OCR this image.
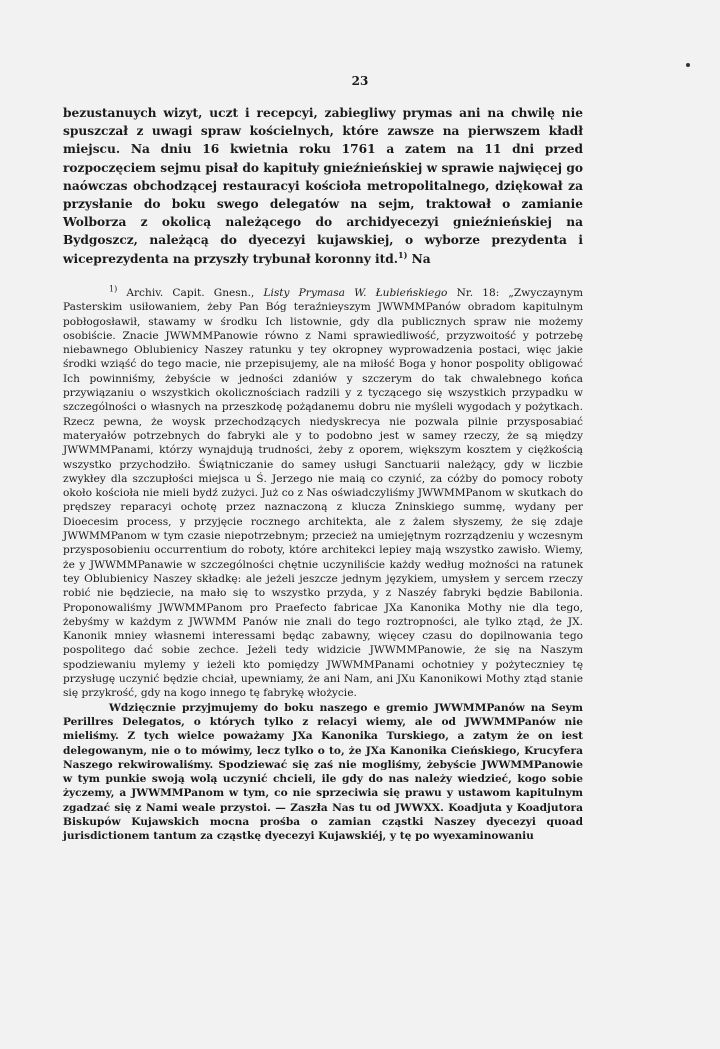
23

bezustanuych wizyt, uczt i recepcyi, zabiegliwy prymas ani na chwilę nie spuszczał z uwagi spraw kościelnych, które zawsze na pierwszem kładł miejscu. Na dniu 16 kwietnia roku 1761 a zatem na 11 dni przed rozpoczęciem sejmu pisał do kapituły gnieźnieńskiej w sprawie najwięcej go naówczas obchodzącej restauracyi kościoła metropolitalnego, dziękował za przysłanie do boku swego delegatów na sejm, traktował o zamianie Wolborza z okolicą należącego do archidyecezyi gnieźnieńskiej na Bydgoszcz, należącą do dyecezyi kujawskiej, o wyborze prezydenta i wiceprezydenta na przyszły trybunał koronny itd.$^{1)}$ Na

$^{1)}$ Archiv. Capit. Gnesn., Listy Prymasa W. Łubieńskiego Nr. 18: „Zwyczaynym Pasterskim usiłowaniem, żeby Pan Bóg teraźnieyszym JWWMMPanów obradom kapitulnym pobłogosławił, stawamy w środku Ich listownie, gdy dla publicznych spraw nie możemy osobiście. Znacie JWWMMPanowie równo z Nami sprawiedliwość, przyzwoitość y potrzebę niebawnego Oblubienicy Naszey ratunku y tey okropney wyprowadzenia postaci, więc jakie środki wziąść do tego macie, nie przepisujemy, ale na miłość Boga y honor pospolity obligować Ich powinniśmy, żebyście w jedności zdaniów y szczerym do tak chwalebnego końca przywiązaniu o wszystkich okolicznościach radzili y z tyczącego się wszystkich przypadku w szczególności o własnych na przeszkodę pożądanemu dobru nie myśleli wygodach y pożytkach. Rzecz pewna, że woysk przechodzących niedyskrecya nie pozwala pilnie przysposabiać materyałów potrzebnych do fabryki ale y to podobno jest w samey rzeczy, że są między JWWMMPanami, którzy wynajdują trudności, żeby z oporem, większym kosztem y ciężkością wszystko przychodziło. Świątniczanie do samey usługi Sanctuarii należący, gdy w liczbie zwykłey dla szczupłości miejsca u Ś. Jerzego nie maią co czynić, za cóżby do pomocy roboty około kościoła nie mieli bydź zużyci. Już co z Nas oświadczyliśmy JWWMMPanom w skutkach do prędszey reparacyi ochotę przez naznaczoną z klucza Zninskiego summę, wydany per Dioecesim process, y przyjęcie rocznego architekta, ale z żalem słyszemy, że się zdaje JWWMMPanom w tym czasie niepotrzebnym; przecież na umiejętnym rozrządzeniu y wczesnym przysposobieniu occurrentium do roboty, które architekci lepiey mają wszystko zawisło. Wiemy, że y JWWMMPanawie w szczególności chętnie uczyniliście każdy według możności na ratunek tey Oblubienicy Naszey składkę: ale jeżeli jeszcze jednym językiem, umysłem y sercem rzeczy robić nie będziecie, na mało się to wszystko przyda, y z Naszéy fabryki będzie Babilonia. Proponowaliśmy JWWMMPanom pro Praefecto fabricae JXa Kanonika Mothy nie dla tego, żebyśmy w każdym z JWWMM Panów nie znali do tego roztropności, ale tylko ztąd, że JX. Kanonik mniey własnemi interessami będąc zabawny, więcey czasu do dopilnowania tego pospolitego dać sobie zechce. Jeżeli tedy widzicie JWWMMPanowie, że się na Naszym spodziewaniu mylemy y ieżeli kto pomiędzy JWWMMPanami ochotniey y pożyteczniey tę przysługę uczynić będzie chciał, upewniamy, że ani Nam, ani JXu Kanonikowi Mothy ztąd stanie się przykrość, gdy na kogo innego tę fabrykę włożycie.

Wdzięcznie przyjmujemy do boku naszego e gremio JWWMMPanów na Seym Perillres Delegatos, o których tylko z relacyi wiemy, ale od JWWMMPanów nie mieliśmy. Z tych wielce poważamy JXa Kanonika Turskiego, a zatym że on iest delegowanym, nie o to mówimy, lecz tylko o to, że JXa Kanonika Cieńskiego, Krucyfera Naszego rekwirowaliśmy. Spodziewać się zaś nie mogliśmy, żebyście JWWMMPanowie w tym punkie swoją wolą uczynić chcieli, ile gdy do nas należy wiedzieć, kogo sobie życzemy, a JWWMMPanom w tym, co nie sprzeciwia się prawu y ustawom kapitulnym zgadzać się z Nami weale przystoi. — Zaszła Nas tu od JWWXX. Koadjuta y Koadjutora Biskupów Kujawskich mocna prośba o zamian cząstki Naszey dyecezyi quoad jurisdictionem tantum za cząstkę dyecezyi Kujawskiéj, y tę po wyexaminowaniu
